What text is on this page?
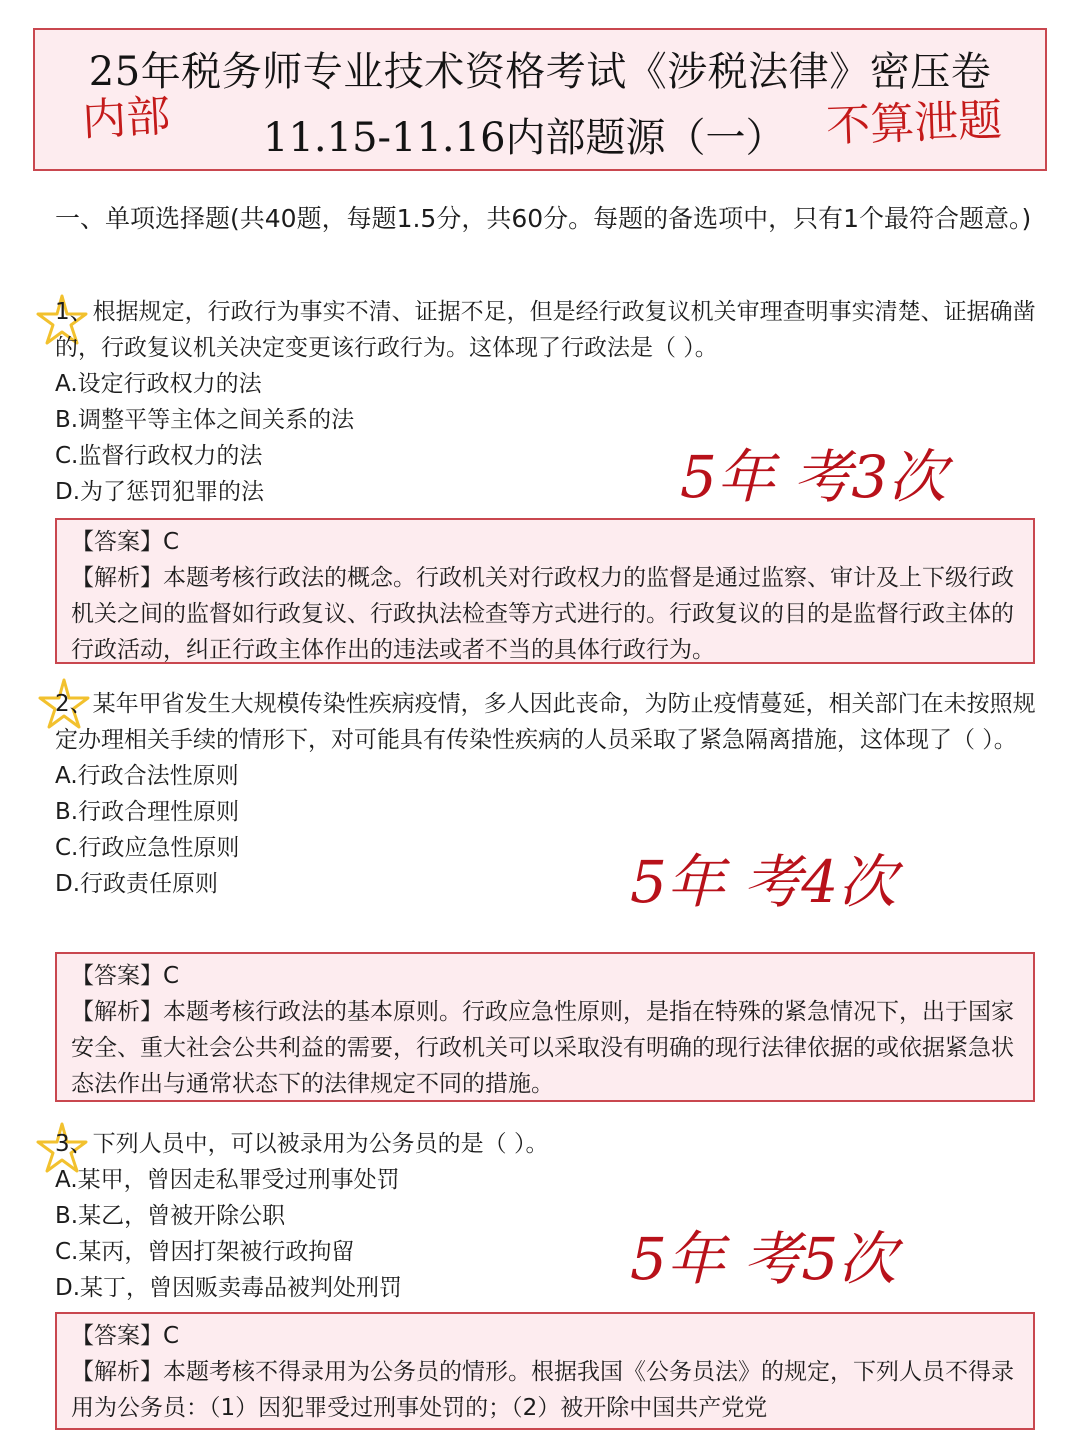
25年税务师专业技术资格考试《涉税法律》密压卷
11.15-11.16内部题源（一）
内部	不算泄题
一、单项选择题(共40题，每题1.5分，共60分。每题的备选项中，只有1个最符合题意。)
1、根据规定，行政行为事实不清、证据不足，但是经行政复议机关审理查明事实清楚、证据确凿的，行政复议机关决定变更该行政行为。这体现了行政法是（ ）。
A.设定行政权力的法
B.调整平等主体之间关系的法
C.监督行政权力的法
D.为了惩罚犯罪的法	5年 考3次

【答案】C

【解析】本题考核行政法的概念。行政机关对行政权力的监督是通过监察、审计及上下级行政机关之间的监督如行政复议、行政执法检查等方式进行的。行政复议的目的是监督行政主体的行政活动，纠正行政主体作出的违法或者不当的具体行政行为。

2、某年甲省发生大规模传染性疾病疫情，多人因此丧命，为防止疫情蔓延，相关部门在未按照规定办理相关手续的情形下，对可能具有传染性疾病的人员采取了紧急隔离措施，这体现了（ ）。
A.行政合法性原则
B.行政合理性原则
C.行政应急性原则
D.行政责任原则	5年 考4次

【答案】C

【解析】本题考核行政法的基本原则。行政应急性原则，是指在特殊的紧急情况下，出于国家安全、重大社会公共利益的需要，行政机关可以采取没有明确的现行法律依据的或依据紧急状态法作出与通常状态下的法律规定不同的措施。

3、下列人员中，可以被录用为公务员的是（ ）。
A.某甲，曾因走私罪受过刑事处罚
B.某乙，曾被开除公职
C.某丙，曾因打架被行政拘留
D.某丁，曾因贩卖毒品被判处刑罚	5年 考5次

【答案】C

【解析】本题考核不得录用为公务员的情形。根据我国《公务员法》的规定，下列人员不得录用为公务员：（1）因犯罪受过刑事处罚的；（2）被开除中国共产党党
